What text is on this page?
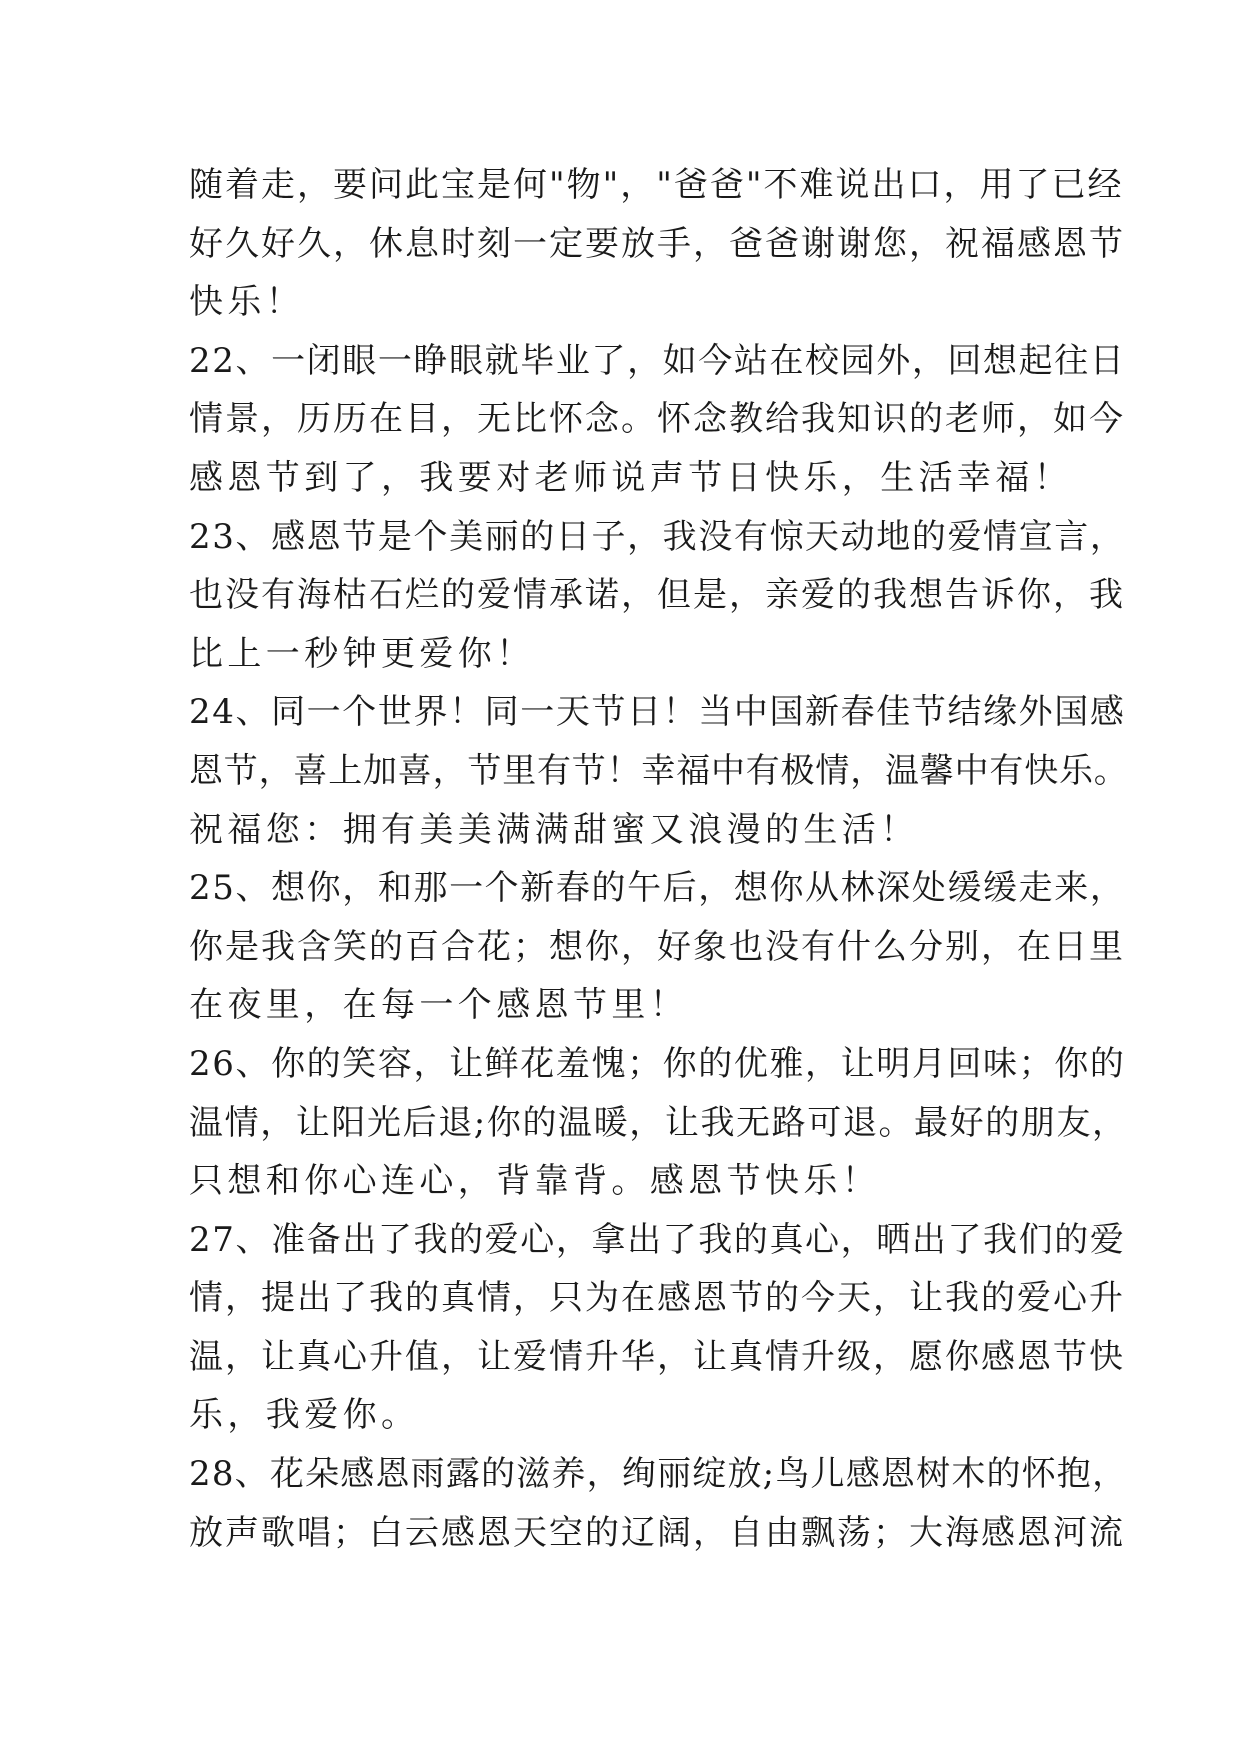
随着走，要问此宝是何"物"，"爸爸"不难说出口，用了已经
好久好久，休息时刻一定要放手，爸爸谢谢您，祝福感恩节
快乐！
22、一闭眼一睁眼就毕业了，如今站在校园外，回想起往日
情景，历历在目，无比怀念。怀念教给我知识的老师，如今
感恩节到了，我要对老师说声节日快乐，生活幸福！
23、感恩节是个美丽的日子，我没有惊天动地的爱情宣言，
也没有海枯石烂的爱情承诺，但是，亲爱的我想告诉你，我
比上一秒钟更爱你！
24、同一个世界！同一天节日！当中国新春佳节结缘外国感
恩节，喜上加喜，节里有节！幸福中有极情，温馨中有快乐。
祝福您：拥有美美满满甜蜜又浪漫的生活！
25、想你，和那一个新春的午后，想你从林深处缓缓走来，
你是我含笑的百合花；想你，好象也没有什么分别，在日里
在夜里，在每一个感恩节里！
26、你的笑容，让鲜花羞愧；你的优雅，让明月回味；你的
温情，让阳光后退;你的温暖，让我无路可退。最好的朋友，
只想和你心连心，背靠背。感恩节快乐！
27、准备出了我的爱心，拿出了我的真心，晒出了我们的爱
情，提出了我的真情，只为在感恩节的今天，让我的爱心升
温，让真心升值，让爱情升华，让真情升级，愿你感恩节快
乐，我爱你。
28、花朵感恩雨露的滋养，绚丽绽放;鸟儿感恩树木的怀抱，
放声歌唱；白云感恩天空的辽阔，自由飘荡；大海感恩河流
